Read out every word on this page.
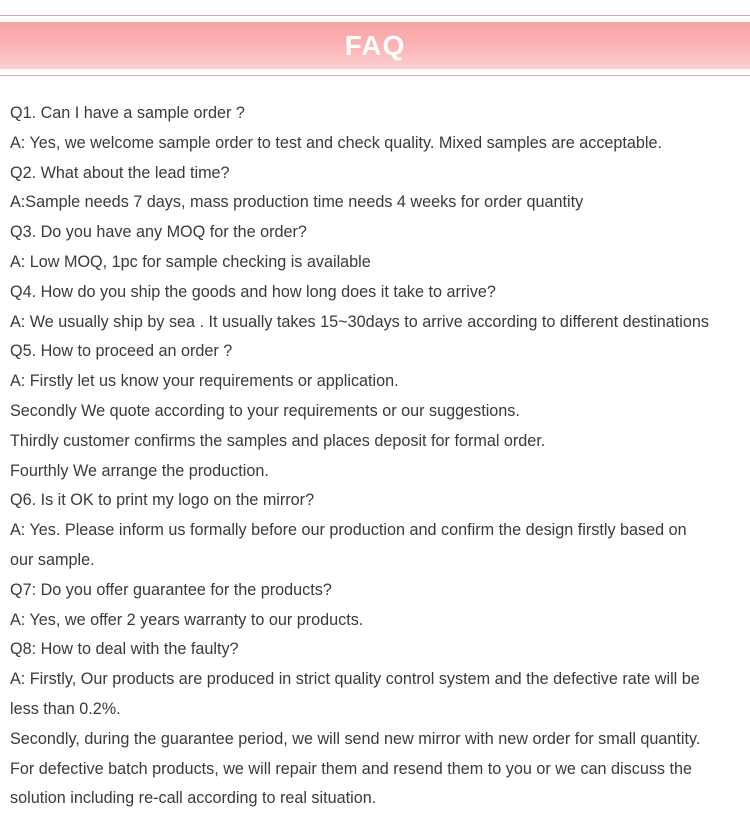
FAQ
Q1. Can I have a sample order ?
A: Yes, we welcome sample order to test and check quality. Mixed samples are acceptable.
Q2. What about the lead time?
A:Sample needs 7 days, mass production time needs 4 weeks for order quantity
Q3. Do you have any MOQ for the order?
A: Low MOQ, 1pc for sample checking is available
Q4. How do you ship the goods and how long does it take to arrive?
A: We usually ship by sea . It usually takes 15~30days to arrive according to different destinations
Q5. How to proceed an order ?
A: Firstly let us know your requirements or application.
Secondly We quote according to your requirements or our suggestions.
Thirdly customer confirms the samples and places deposit for formal order.
Fourthly We arrange the production.
Q6. Is it OK to print my logo on the mirror?
A: Yes. Please inform us formally before our production and confirm the design firstly based on
our sample.
Q7: Do you offer guarantee for the products?
A: Yes, we offer 2 years warranty to our products.
Q8: How to deal with the faulty?
A: Firstly, Our products are produced in strict quality control system and the defective rate will be
less than 0.2%.
Secondly, during the guarantee period, we will send new mirror with new order for small quantity.
For defective batch products, we will repair them and resend them to you or we can discuss the
solution including re-call according to real situation.
